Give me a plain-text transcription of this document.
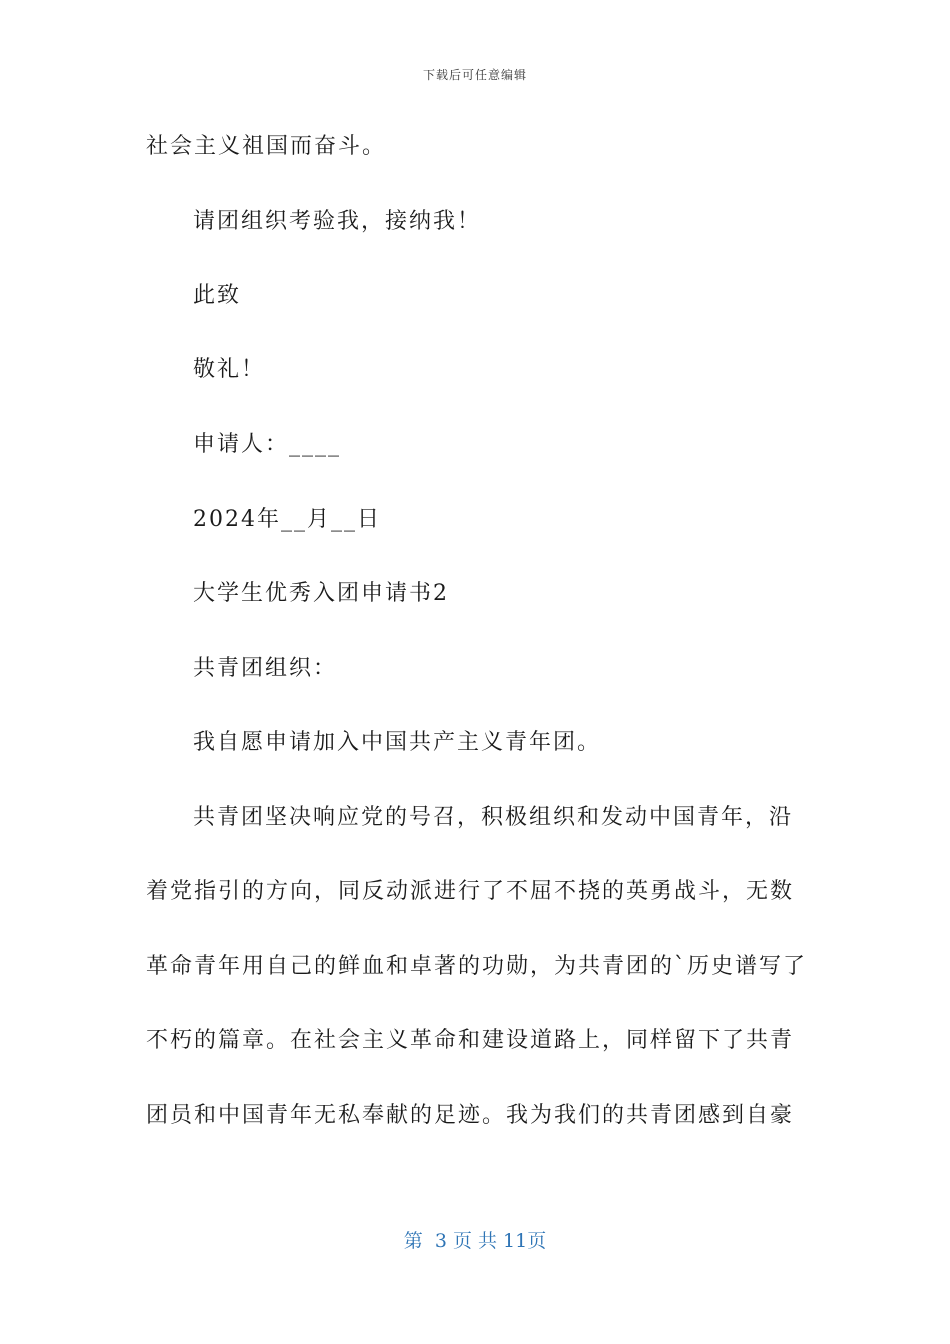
下载后可任意编辑
社会主义祖国而奋斗。
请团组织考验我，接纳我！
此致
敬礼！
申请人：____
2024年__月__日
大学生优秀入团申请书2
共青团组织：
我自愿申请加入中国共产主义青年团。
共青团坚决响应党的号召，积极组织和发动中国青年，沿
着党指引的方向，同反动派进行了不屈不挠的英勇战斗，无数
革命青年用自己的鲜血和卓著的功勋，为共青团的`历史谱写了
不朽的篇章。在社会主义革命和建设道路上，同样留下了共青
团员和中国青年无私奉献的足迹。我为我们的共青团感到自豪
第  3 页 共 11页
